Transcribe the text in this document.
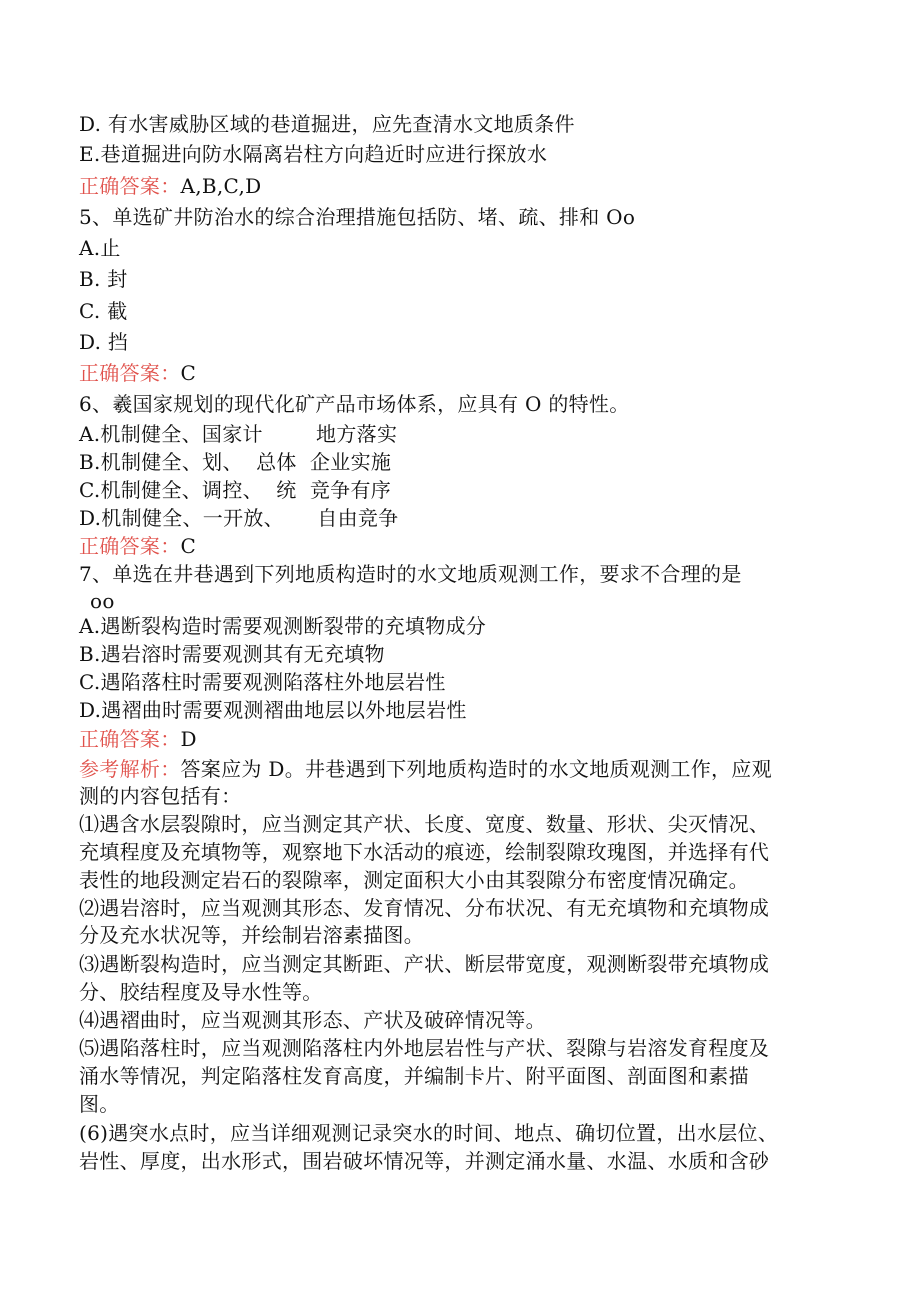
D. 有水害威胁区域的巷道掘进，应先查清水文地质条件
E.巷道掘进向防水隔离岩柱方向趋近时应进行探放水
正确答案：A,B,C,D
5、单选矿井防治水的综合治理措施包括防、堵、疏、排和 Oo
A.止
B. 封
C. 截
D. 挡
正确答案：C
6、羲国家规划的现代化矿产品市场体系，应具有 O 的特性。
A.机制健全、国家计        地方落实
B.机制健全、划、  总体  企业实施
C.机制健全、调控、  统  竞争有序
D.机制健全、一开放、     自由竞争
正确答案：C
7、单选在井巷遇到下列地质构造时的水文地质观测工作，要求不合理的是
oo
A.遇断裂构造时需要观测断裂带的充填物成分
B.遇岩溶时需要观测其有无充填物
C.遇陷落柱时需要观测陷落柱外地层岩性
D.遇褶曲时需要观测褶曲地层以外地层岩性
正确答案：D
参考解析：答案应为 D。井巷遇到下列地质构造时的水文地质观测工作，应观
测的内容包括有：
⑴遇含水层裂隙时，应当测定其产状、长度、宽度、数量、形状、尖灭情况、
充填程度及充填物等，观察地下水活动的痕迹，绘制裂隙玫瑰图，并选择有代
表性的地段测定岩石的裂隙率，测定面积大小由其裂隙分布密度情况确定。
⑵遇岩溶时，应当观测其形态、发育情况、分布状况、有无充填物和充填物成
分及充水状况等，并绘制岩溶素描图。
⑶遇断裂构造时，应当测定其断距、产状、断层带宽度，观测断裂带充填物成
分、胶结程度及导水性等。
⑷遇褶曲时，应当观测其形态、产状及破碎情况等。
⑸遇陷落柱时，应当观测陷落柱内外地层岩性与产状、裂隙与岩溶发育程度及
涌水等情况，判定陷落柱发育高度，并编制卡片、附平面图、剖面图和素描
图。
(6)遇突水点时，应当详细观测记录突水的时间、地点、确切位置，出水层位、
岩性、厚度，出水形式，围岩破坏情况等，并测定涌水量、水温、水质和含砂
